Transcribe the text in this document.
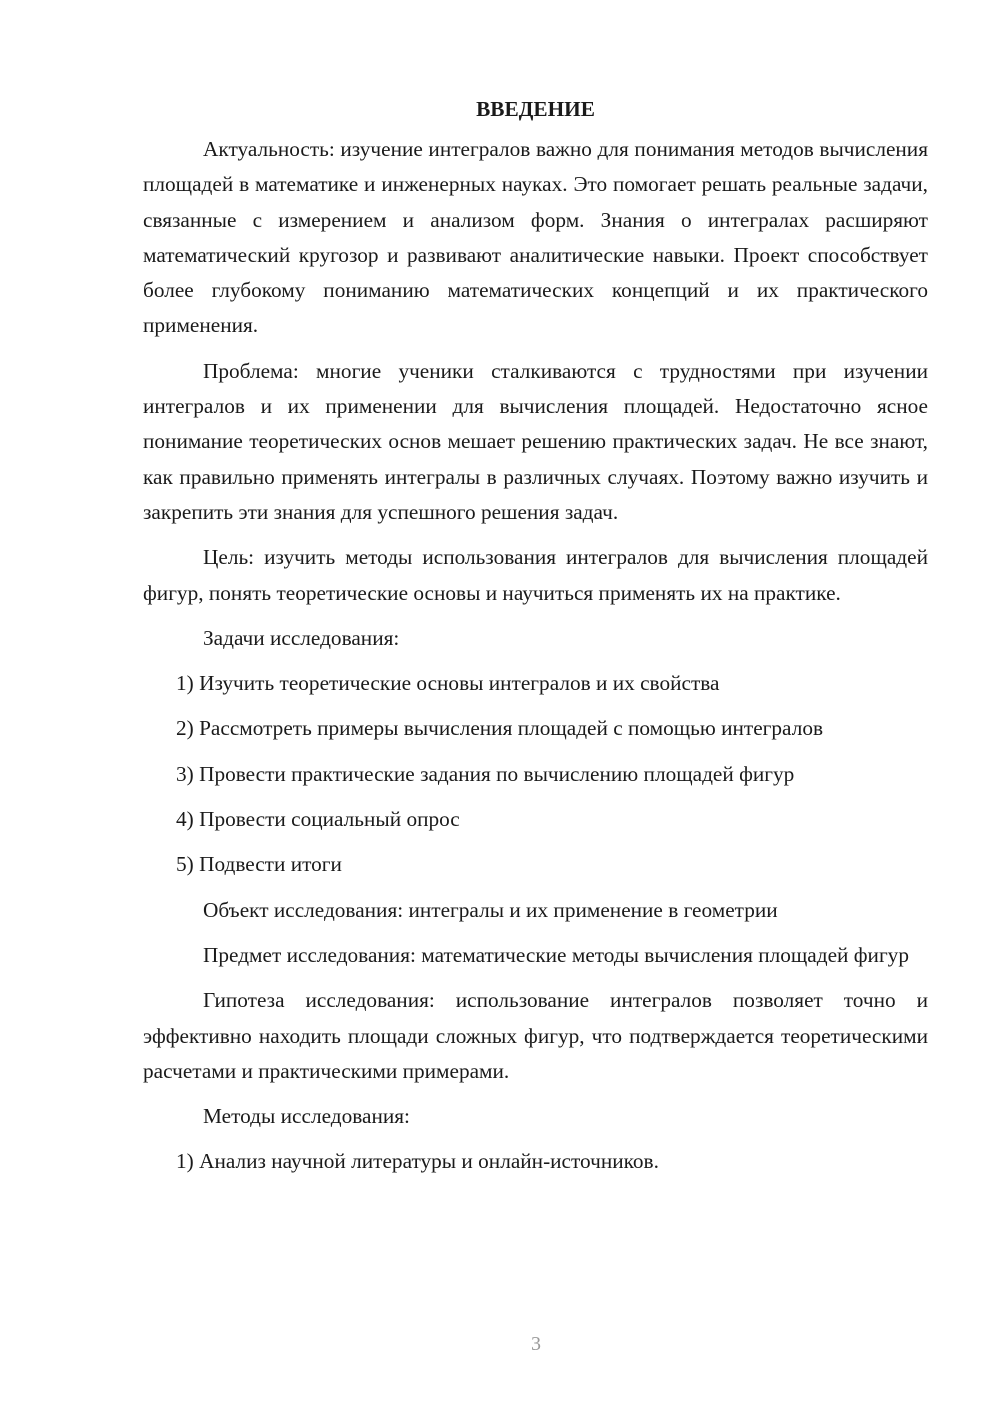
ВВЕДЕНИЕ
Актуальность: изучение интегралов важно для понимания методов вычисления площадей в математике и инженерных науках. Это помогает решать реальные задачи, связанные с измерением и анализом форм. Знания о интегралах расширяют математический кругозор и развивают аналитические навыки. Проект способствует более глубокому пониманию математических концепций и их практического применения.
Проблема: многие ученики сталкиваются с трудностями при изучении интегралов и их применении для вычисления площадей. Недостаточно ясное понимание теоретических основ мешает решению практических задач. Не все знают, как правильно применять интегралы в различных случаях. Поэтому важно изучить и закрепить эти знания для успешного решения задач.
Цель: изучить методы использования интегралов для вычисления площадей фигур, понять теоретические основы и научиться применять их на практике.
Задачи исследования:
1) Изучить теоретические основы интегралов и их свойства
2) Рассмотреть примеры вычисления площадей с помощью интегралов
3) Провести практические задания по вычислению площадей фигур
4) Провести социальный опрос
5) Подвести итоги
Объект исследования: интегралы и их применение в геометрии
Предмет исследования: математические методы вычисления площадей фигур
Гипотеза исследования: использование интегралов позволяет точно и эффективно находить площади сложных фигур, что подтверждается теоретическими расчетами и практическими примерами.
Методы исследования:
1) Анализ научной литературы и онлайн-источников.
3
